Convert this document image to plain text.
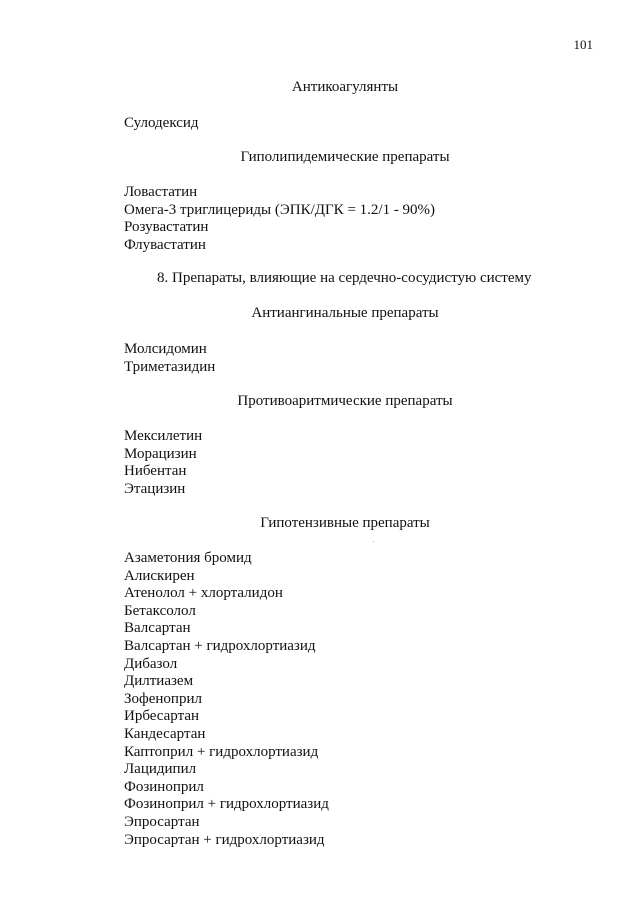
101
Антикоагулянты
Сулодексид
Гиполипидемические препараты
Ловастатин
Омега-3 триглицериды (ЭПК/ДГК = 1.2/1 - 90%)
Розувастатин
Флувастатин
8. Препараты, влияющие на сердечно-сосудистую систему
Антиангинальные препараты
Молсидомин
Триметазидин
Противоаритмические препараты
Мексилетин
Морацизин
Нибентан
Этацизин
Гипотензивные препараты
Азаметония бромид
Алискирен
Атенолол + хлорталидон
Бетаксолол
Валсартан
Валсартан + гидрохлортиазид
Дибазол
Дилтиазем
Зофеноприл
Ирбесартан
Кандесартан
Каптоприл + гидрохлортиазид
Лацидипил
Фозиноприл
Фозиноприл + гидрохлортиазид
Эпросартан
Эпросартан + гидрохлортиазид
